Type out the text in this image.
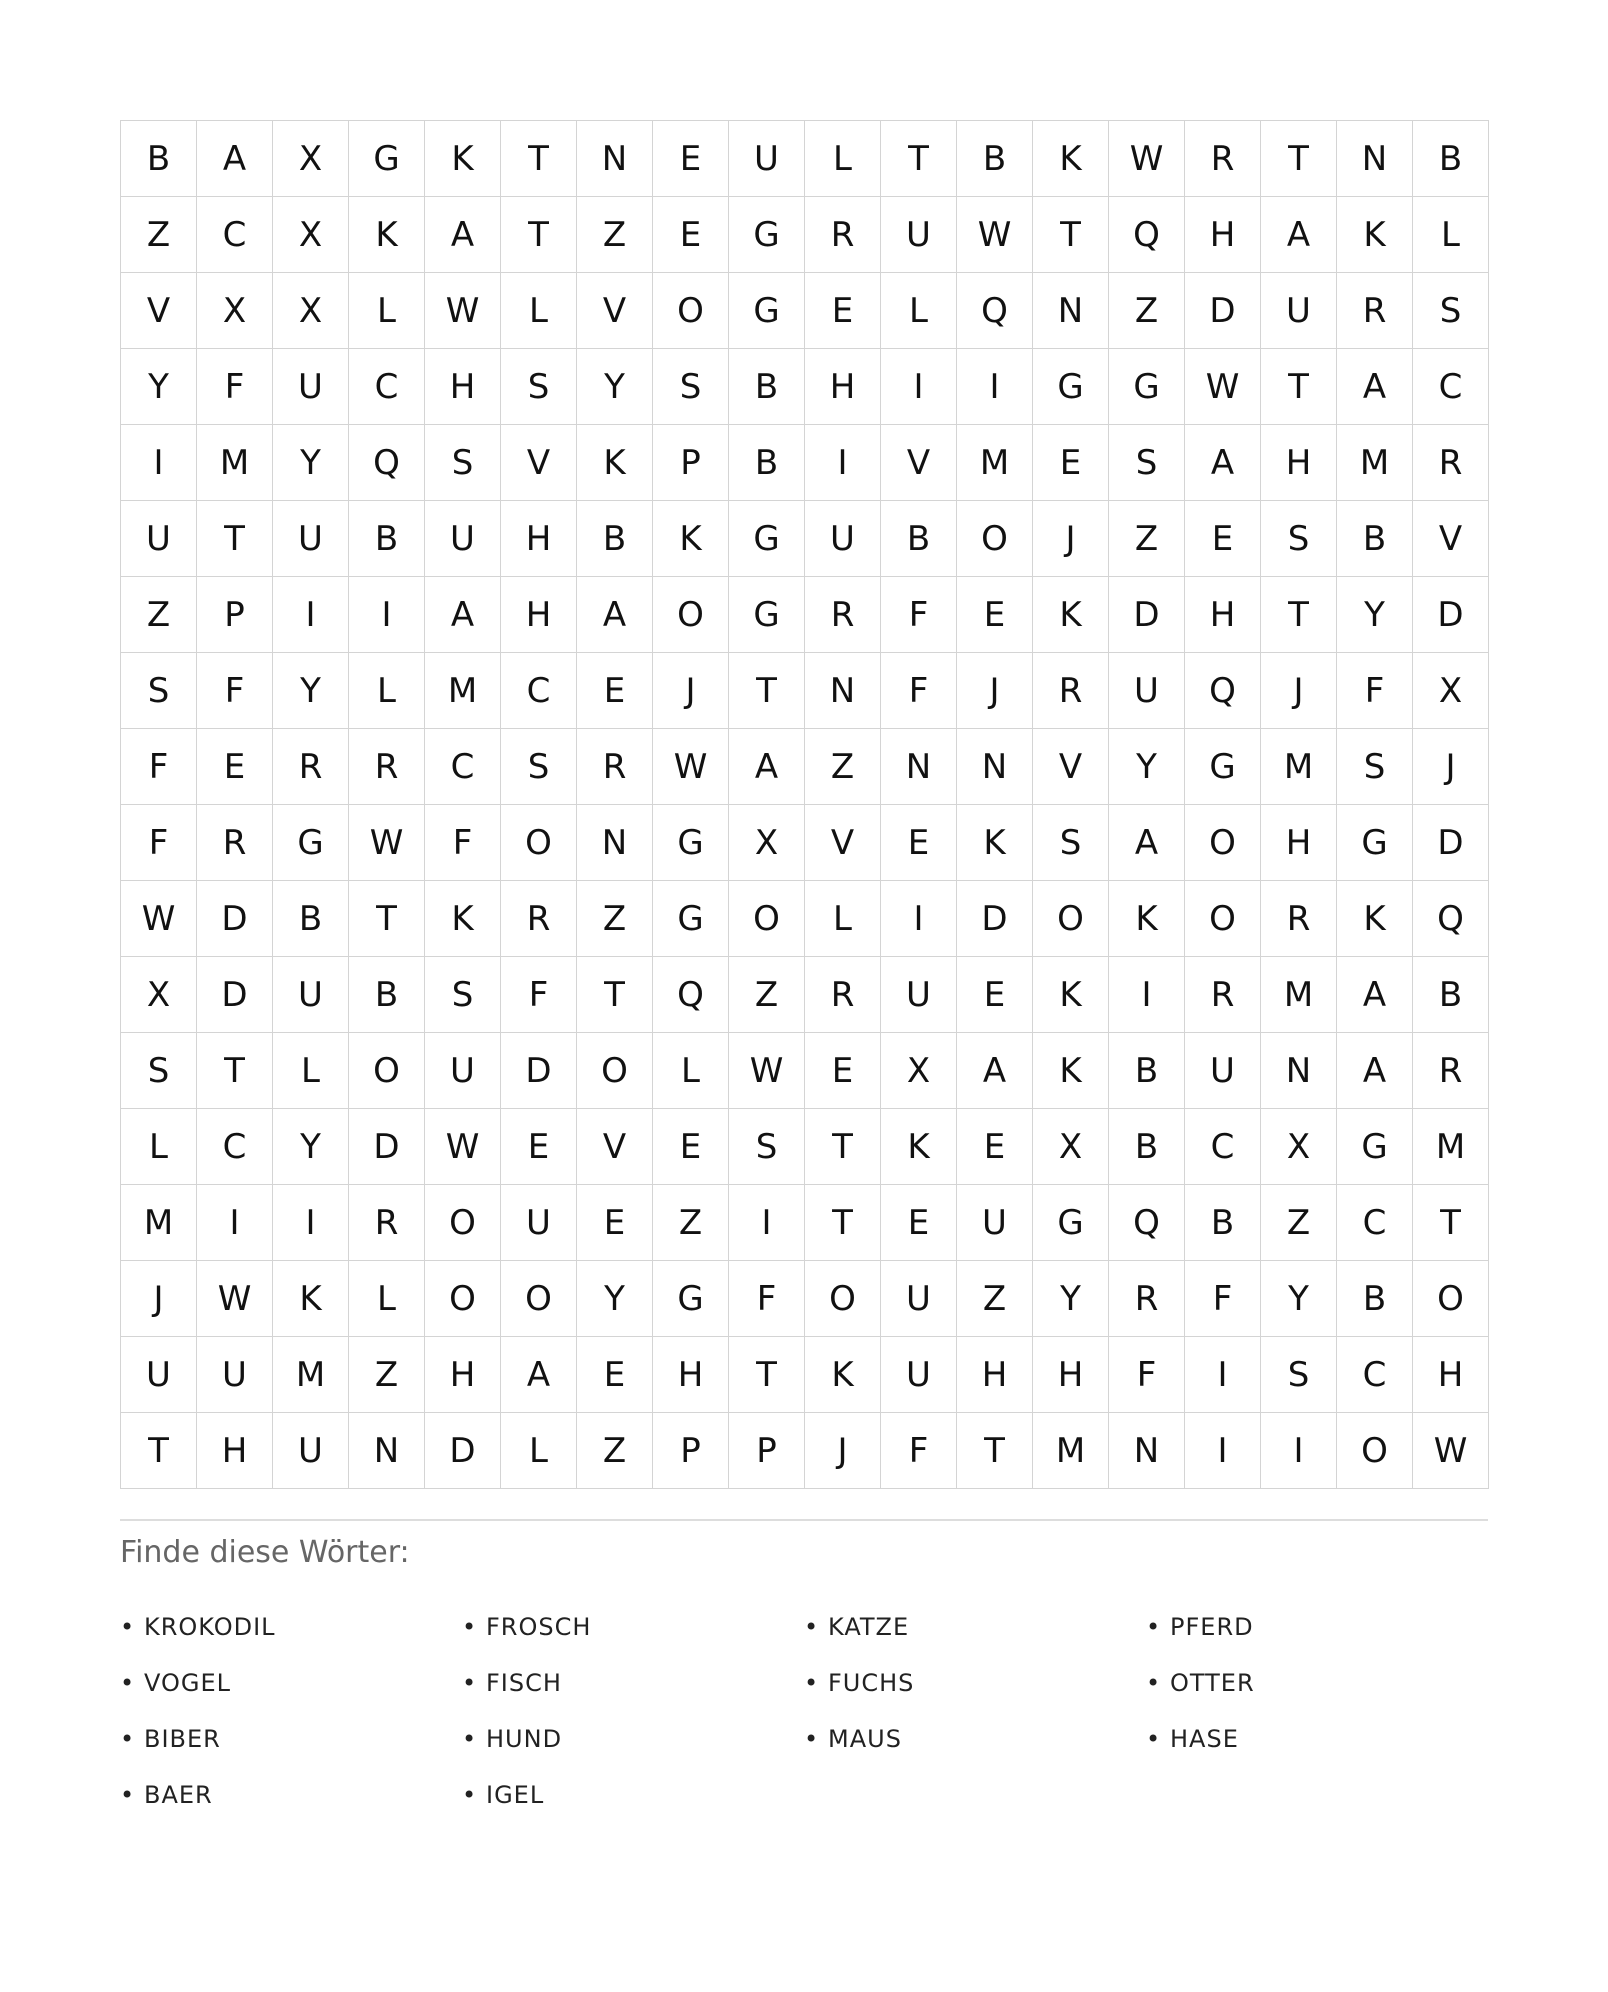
B	A	X	G	K	T	N	E	U	L	T	B	K	W	R	T	N	B
Z	C	X	K	A	T	Z	E	G	R	U	W	T	Q	H	A	K	L
V	X	X	L	W	L	V	O	G	E	L	Q	N	Z	D	U	R	S
Y	F	U	C	H	S	Y	S	B	H	I	I	G	G	W	T	A	C
I	M	Y	Q	S	V	K	P	B	I	V	M	E	S	A	H	M	R
U	T	U	B	U	H	B	K	G	U	B	O	J	Z	E	S	B	V
Z	P	I	I	A	H	A	O	G	R	F	E	K	D	H	T	Y	D
S	F	Y	L	M	C	E	J	T	N	F	J	R	U	Q	J	F	X
F	E	R	R	C	S	R	W	A	Z	N	N	V	Y	G	M	S	J
F	R	G	W	F	O	N	G	X	V	E	K	S	A	O	H	G	D
W	D	B	T	K	R	Z	G	O	L	I	D	O	K	O	R	K	Q
X	D	U	B	S	F	T	Q	Z	R	U	E	K	I	R	M	A	B
S	T	L	O	U	D	O	L	W	E	X	A	K	B	U	N	A	R
L	C	Y	D	W	E	V	E	S	T	K	E	X	B	C	X	G	M
M	I	I	R	O	U	E	Z	I	T	E	U	G	Q	B	Z	C	T
J	W	K	L	O	O	Y	G	F	O	U	Z	Y	R	F	Y	B	O
U	U	M	Z	H	A	E	H	T	K	U	H	H	F	I	S	C	H
T	H	U	N	D	L	Z	P	P	J	F	T	M	N	I	I	O	W
Finde diese Wörter:
• KROKODIL	• FROSCH	• KATZE	• PFERD
• VOGEL	• FISCH	• FUCHS	• OTTER
• BIBER	• HUND	• MAUS	• HASE
• BAER	• IGEL
